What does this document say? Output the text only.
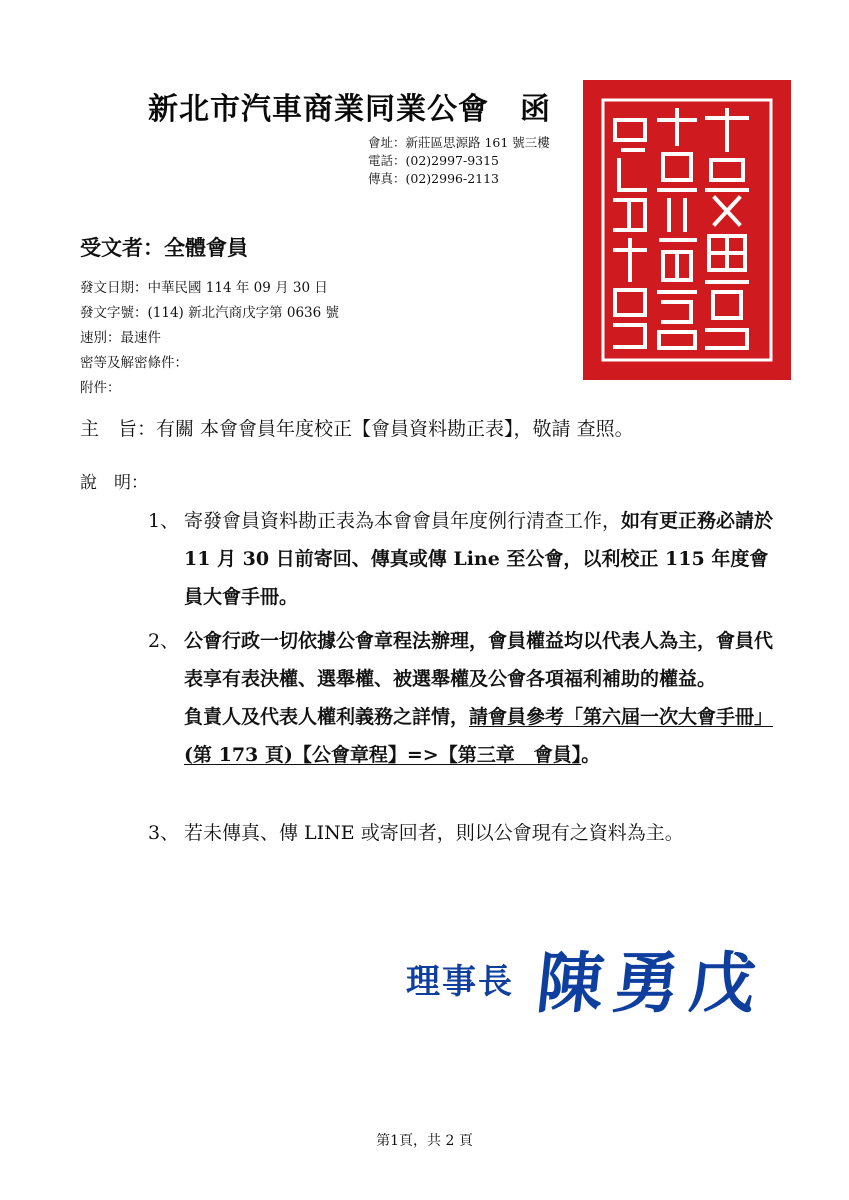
新北市汽車商業同業公會　函
會址：新莊區思源路 161 號三樓
電話：(02)2997-9315
傳真：(02)2996-2113
受文者：全體會員
發文日期：中華民國 114 年 09 月 30 日
發文字號：(114) 新北汽商戊字第 0636 號
速別：最速件
密等及解密條件：
附件：
主　旨：有關 本會會員年度校正【會員資料勘正表】，敬請 查照。
說　明：
1、 寄發會員資料勘正表為本會會員年度例行清查工作，如有更正務必請於 11 月 30 日前寄回、傳真或傳 Line 至公會，以利校正 115 年度會員大會手冊。
2、 公會行政一切依據公會章程法辦理，會員權益均以代表人為主，會員代表享有表決權、選舉權、被選舉權及公會各項福利補助的權益。
負責人及代表人權利義務之詳情，請會員參考「第六屆一次大會手冊」(第 173 頁)【公會章程】=>【第三章　會員】。
3、 若未傳真、傳 LINE 或寄回者，則以公會現有之資料為主。
理事長 陳勇戊
第1頁，共 2 頁
